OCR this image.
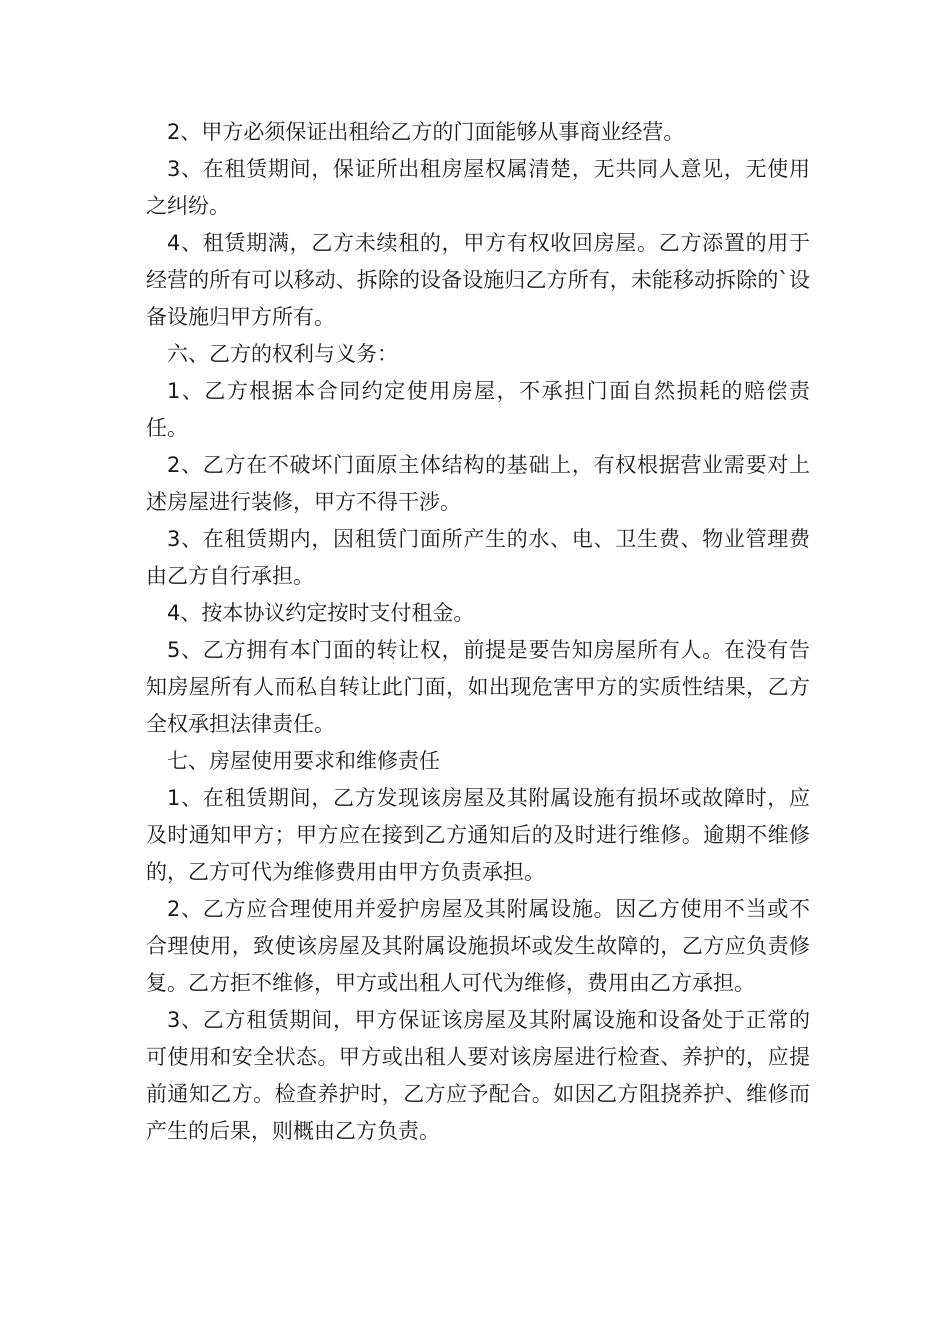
2、甲方必须保证出租给乙方的门面能够从事商业经营。

3、在租赁期间，保证所出租房屋权属清楚，无共同人意见，无使用之纠纷。

4、租赁期满，乙方未续租的，甲方有权收回房屋。乙方添置的用于经营的所有可以移动、拆除的设备设施归乙方所有，未能移动拆除的`设备设施归甲方所有。

六、乙方的权利与义务：

1、乙方根据本合同约定使用房屋，不承担门面自然损耗的赔偿责任。

2、乙方在不破坏门面原主体结构的基础上，有权根据营业需要对上述房屋进行装修，甲方不得干涉。

3、在租赁期内，因租赁门面所产生的水、电、卫生费、物业管理费由乙方自行承担。

4、按本协议约定按时支付租金。

5、乙方拥有本门面的转让权，前提是要告知房屋所有人。在没有告知房屋所有人而私自转让此门面，如出现危害甲方的实质性结果，乙方全权承担法律责任。

七、房屋使用要求和维修责任

1、在租赁期间，乙方发现该房屋及其附属设施有损坏或故障时，应及时通知甲方；甲方应在接到乙方通知后的及时进行维修。逾期不维修的，乙方可代为维修费用由甲方负责承担。

2、乙方应合理使用并爱护房屋及其附属设施。因乙方使用不当或不合理使用，致使该房屋及其附属设施损坏或发生故障的，乙方应负责修复。乙方拒不维修，甲方或出租人可代为维修，费用由乙方承担。

3、乙方租赁期间，甲方保证该房屋及其附属设施和设备处于正常的可使用和安全状态。甲方或出租人要对该房屋进行检查、养护的，应提前通知乙方。检查养护时，乙方应予配合。如因乙方阻挠养护、维修而产生的后果，则概由乙方负责。
